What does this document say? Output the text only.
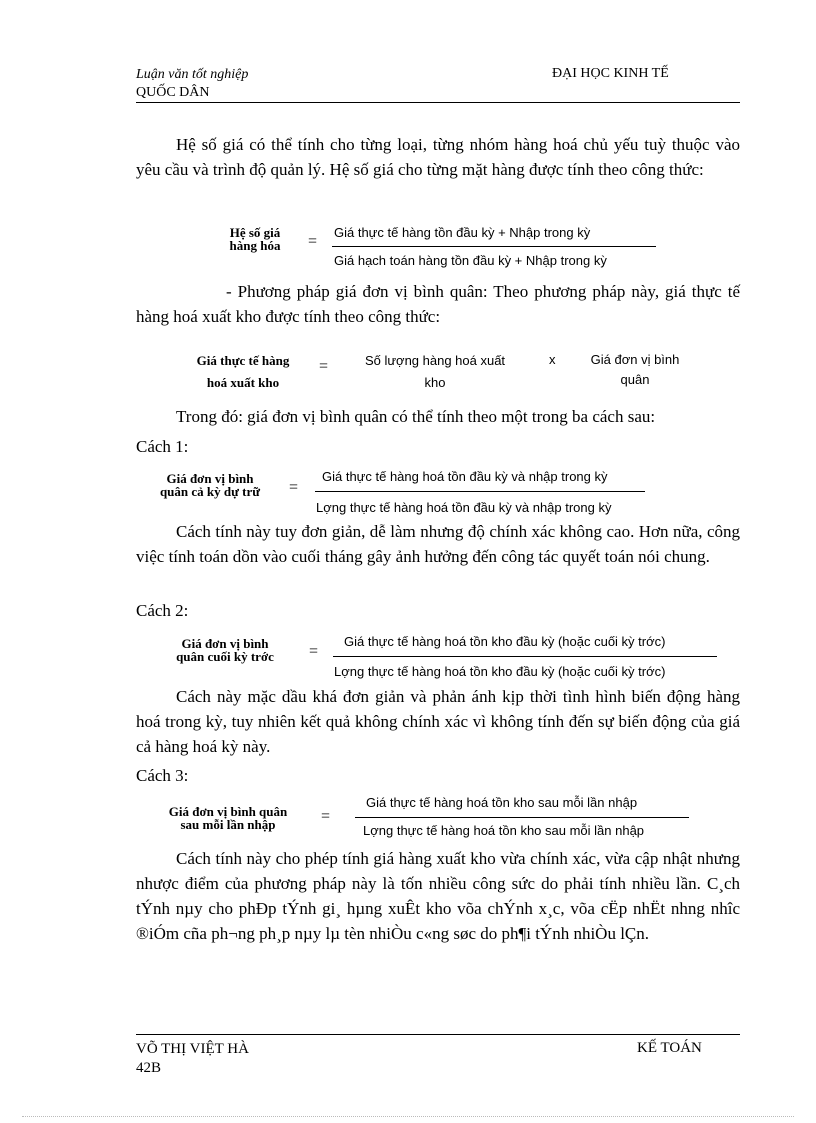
Luận văn tốt nghiệp
QUỐC DÂN
ĐẠI HỌC KINH TẾ
Hệ số giá có thể tính cho từng loại, từng nhóm hàng hoá chủ yếu tuỳ thuộc vào yêu cầu và trình độ quản lý. Hệ số giá cho từng mặt hàng được tính theo công thức:
Hệ số giá
hàng hóa	=
Giá thực tế hàng tồn đầu kỳ + Nhập trong kỳ
Giá hạch toán hàng tồn đầu kỳ + Nhập trong kỳ

- Phương pháp giá đơn vị bình quân: Theo phương pháp này, giá thực tế hàng hoá xuất kho được tính theo công thức:

Giá thực tế hàng
hoá xuất kho
=	Số lượng hàng hoá xuất
kho
x	Giá đơn vị bình
quân
Trong đó: giá đơn vị bình quân có thể tính theo một trong ba cách sau:
Cách 1:
Giá đơn vị bình
quân cả kỳ dự trữ	=
Giá thực tế hàng hoá tồn đầu kỳ và nhập trong kỳ
Lợng thực tế hàng hoá tồn đầu kỳ và nhập trong kỳ
Cách tính này tuy đơn giản, dễ làm nhưng độ chính xác không cao. Hơn nữa, công việc tính toán dồn vào cuối tháng gây ảnh hưởng đến công tác quyết toán nói chung.
Cách 2:
Giá đơn vị bình
quân cuối kỳ trớc	=
Giá thực tế hàng hoá tồn kho đầu kỳ (hoặc cuối kỳ trớc)
Lợng thực tế hàng hoá tồn kho đầu kỳ (hoặc cuối kỳ trớc)
Cách này mặc dầu khá đơn giản và phản ánh kịp thời tình hình biến động hàng hoá trong kỳ, tuy nhiên kết quả không chính xác vì không tính đến sự biến động của giá cả hàng hoá kỳ này.
Cách 3:
Giá đơn vị bình quân
sau mỗi lần nhập	=
Giá thực tế hàng hoá tồn kho sau mỗi lần nhập
Lợng thực tế hàng hoá tồn kho sau mỗi lần nhập
Cách tính này cho phép tính giá hàng xuất kho vừa chính xác, vừa cập nhật nhưng nhược điểm của phương pháp này là tốn nhiều công sức do phải tính nhiều lần. C¸ch tÝnh nµy cho phÐp tÝnh gi¸ hµng xuÊt kho võa chÝnh x¸c, võa cËp nhËt nhng nhîc ®iÓm cña ph¬ng ph¸p nµy lµ tèn nhiÒu c«ng søc do ph¶i tÝnh nhiÒu lÇn.
VÕ THỊ VIỆT HÀ
42B
KẾ TOÁN
